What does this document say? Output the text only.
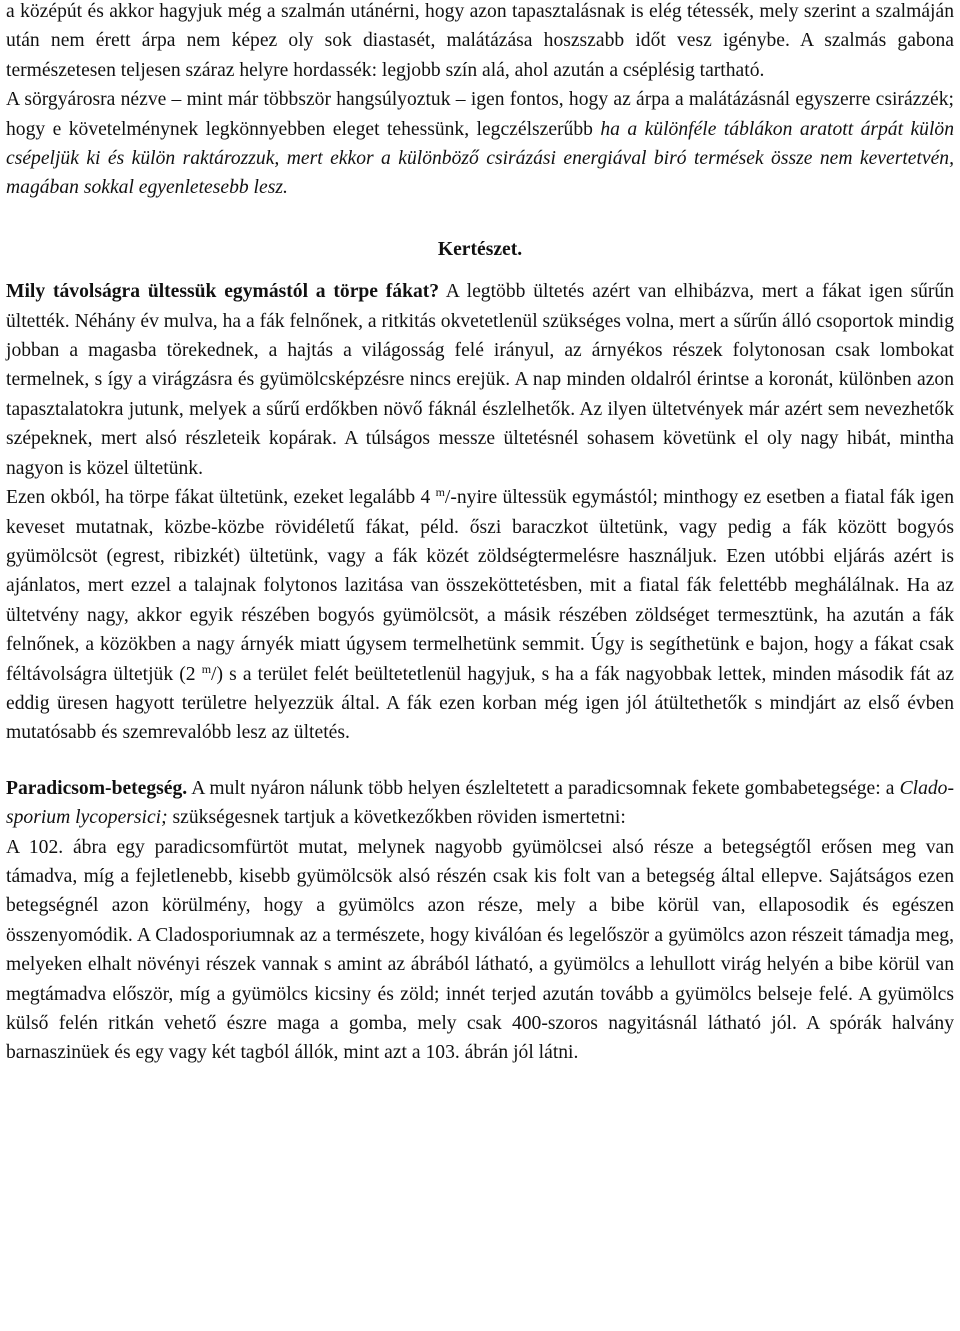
a középút és akkor hagyjuk még a szalmán utánérni, hogy azon tapasztalásnak is elég tétessék, mely szerint a szalmáján után nem érett árpa nem képez oly sok diastasét, malátázása hoszszabb időt vesz igénybe. A szalmás gabona természetesen teljesen száraz helyre hordassék: legjobb szín alá, ahol azután a cséplésig tartható.

A sörgyárosra nézve – mint már többször hangsúlyoztuk – igen fontos, hogy az árpa a malátázásnál egyszerre csirázzék; hogy e követelménynek legkönnyebben eleget tehessünk, legczélszerűbb ha a különféle táblákon aratott árpát külön csépeljük ki és külön raktározzuk, mert ekkor a különböző csirázási energiával biró termések össze nem kevertetvén, magában sokkal egyenletesebb lesz.

Kertészet.

Mily távolságra ültessük egymástól a törpe fákat? A legtöbb ültetés azért van elhibázva, mert a fákat igen sűrűn ültették. Néhány év mulva, ha a fák felnőnek, a ritkitás okvetetlenül szükséges volna, mert a sűrűn álló csoportok mindig jobban a magasba törekednek, a hajtás a világosság felé irányul, az árnyékos részek folytonosan csak lombokat termelnek, s így a virágzásra és gyümölcsképzésre nincs erejük. A nap minden oldalról érintse a koronát, különben azon tapasztalatokra jutunk, melyek a sűrű erdőkben növő fáknál észlelhetők. Az ilyen ültetvények már azért sem nevezhetők szépeknek, mert alsó részleteik kopárak. A túlságos messze ültetésnél sohasem követünk el oly nagy hibát, mintha nagyon is közel ültetünk.

Ezen okból, ha törpe fákat ültetünk, ezeket legalább 4 $^m$/-nyire ültessük egymástól; minthogy ez esetben a fiatal fák igen keveset mutatnak, közbe-közbe rövidéletű fákat, péld. őszi baraczkot ültetünk, vagy pedig a fák között bogyós gyümölcsöt (egrest, ribizkét) ültetünk, vagy a fák közét zöldségtermelésre használjuk. Ezen utóbbi eljárás azért is ajánlatos, mert ezzel a talajnak folytonos lazitása van összeköttetésben, mit a fiatal fák felettébb meghálálnak. Ha az ültetvény nagy, akkor egyik részében bogyós gyümölcsöt, a másik részében zöldséget termesztünk, ha azután a fák felnőnek, a közökben a nagy árnyék miatt úgysem termelhetünk semmit. Úgy is segíthetünk e bajon, hogy a fákat csak féltávolságra ültetjük (2 $^m$/) s a terület felét beültetetlenül hagyjuk, s ha a fák nagyobbak lettek, minden második fát az eddig üresen hagyott területre helyezzük által. A fák ezen korban még igen jól átültethetők s mindjárt az első évben mutatósabb és szemrevalóbb lesz az ültetés.

Paradicsom-betegség. A mult nyáron nálunk több helyen észleltetett a paradicsomnak fekete gombabetegsége: a Clado-sporium lycopersici; szükségesnek tartjuk a következőkben röviden ismertetni:

A 102. ábra egy paradicsomfürtöt mutat, melynek nagyobb gyümölcsei alsó része a betegségtől erősen meg van támadva, míg a fejletlenebb, kisebb gyümölcsök alsó részén csak kis folt van a betegség által ellepve. Sajátságos ezen betegségnél azon körülmény, hogy a gyümölcs azon része, mely a bibe körül van, ellaposodik és egészen összenyomódik. A Cladosporiumnak az a természete, hogy kiválóan és legelőször a gyümölcs azon részeit támadja meg, melyeken elhalt növényi részek vannak s amint az ábrából látható, a gyümölcs a lehullott virág helyén a bibe körül van megtámadva először, míg a gyümölcs kicsiny és zöld; innét terjed azután tovább a gyümölcs belseje felé. A gyümölcs külső felén ritkán vehető észre maga a gomba, mely csak 400-szoros nagyitásnál látható jól. A spórák halvány barnaszinüek és egy vagy két tagból állók, mint azt a 103. ábrán jól látni.
